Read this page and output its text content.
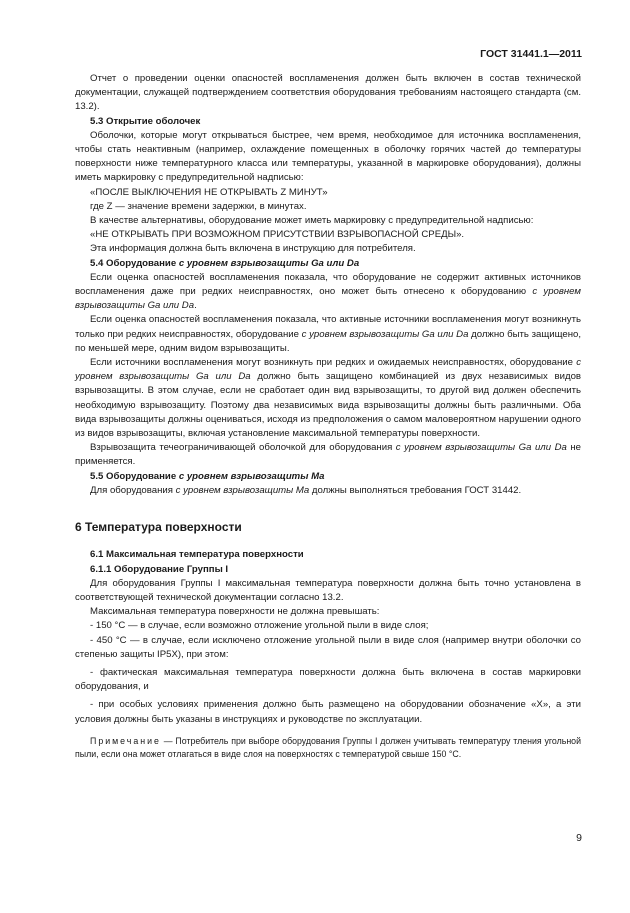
ГОСТ 31441.1—2011

Отчет о проведении оценки опасностей воспламенения должен быть включен в состав технической документации, служащей подтверждением соответствия оборудования требованиям настоящего стандарта (см. 13.2).

5.3 Открытие оболочек

Оболочки, которые могут открываться быстрее, чем время, необходимое для источника воспламенения, чтобы стать неактивным (например, охлаждение помещенных в оболочку горячих частей до температуры поверхности ниже температурного класса или температуры, указанной в маркировке оборудования), должны иметь маркировку с предупредительной надписью:

«ПОСЛЕ ВЫКЛЮЧЕНИЯ НЕ ОТКРЫВАТЬ Z МИНУТ»

где Z — значение времени задержки, в минутах.

В качестве альтернативы, оборудование может иметь маркировку с предупредительной надписью:

«НЕ ОТКРЫВАТЬ ПРИ ВОЗМОЖНОМ ПРИСУТСТВИИ ВЗРЫВОПАСНОЙ СРЕДЫ».

Эта информация должна быть включена в инструкцию для потребителя.

5.4 Оборудование с уровнем взрывозащиты Ga или Da

Если оценка опасностей воспламенения показала, что оборудование не содержит активных источников воспламенения даже при редких неисправностях, оно может быть отнесено к оборудованию с уровнем взрывозащиты Ga или Da.

Если оценка опасностей воспламенения показала, что активные источники воспламенения могут возникнуть только при редких неисправностях, оборудование с уровнем взрывозащиты Ga или Da должно быть защищено, по меньшей мере, одним видом взрывозащиты.

Если источники воспламенения могут возникнуть при редких и ожидаемых неисправностях, оборудование с уровнем взрывозащиты Ga или Da должно быть защищено комбинацией из двух независимых видов взрывозащиты. В этом случае, если не сработает один вид взрывозащиты, то другой вид должен обеспечить необходимую взрывозащиту. Поэтому два независимых вида взрывозащиты должны быть различными. Оба вида взрывозащиты должны оцениваться, исходя из предположения о самом маловероятном нарушении одного из видов взрывозащиты, включая установление максимальной температуры поверхности.

Взрывозащита течеограничивающей оболочкой для оборудования с уровнем взрывозащиты Ga или Da не применяется.

5.5 Оборудование с уровнем взрывозащиты Ma

Для оборудования с уровнем взрывозащиты Ma должны выполняться требования ГОСТ 31442.

6 Температура поверхности

6.1 Максимальная температура поверхности

6.1.1 Оборудование Группы I

Для оборудования Группы I максимальная температура поверхности должна быть точно установлена в соответствующей технической документации согласно 13.2.

Максимальная температура поверхности не должна превышать:

- 150 °С — в случае, если возможно отложение угольной пыли в виде слоя;

- 450 °С — в случае, если исключено отложение угольной пыли в виде слоя (например внутри оболочки со степенью защиты IP5X), при этом:

- фактическая максимальная температура поверхности должна быть включена в состав маркировки оборудования, и

- при особых условиях применения должно быть размещено на оборудовании обозначение «X», а эти условия должны быть указаны в инструкциях и руководстве по эксплуатации.

Примечание — Потребитель при выборе оборудования Группы I должен учитывать температуру тления угольной пыли, если она может отлагаться в виде слоя на поверхностях с температурой свыше 150 °С.

9
